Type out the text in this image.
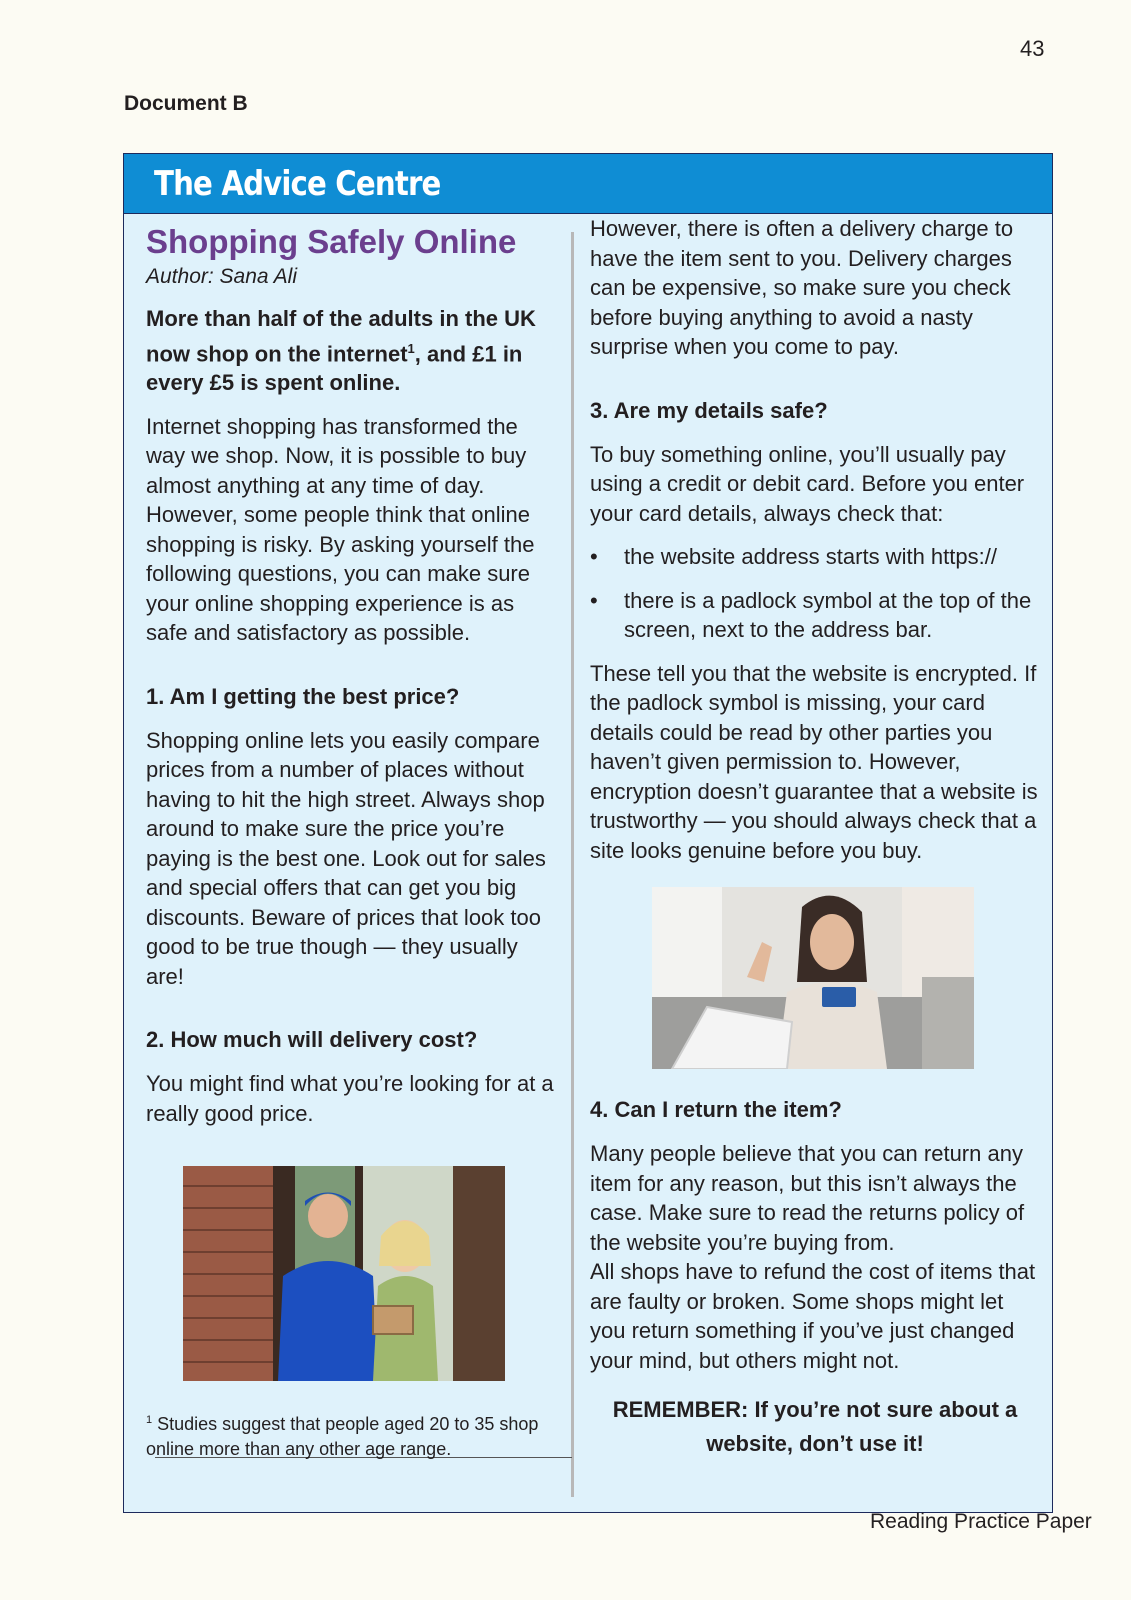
43
Document B
The Advice Centre
Shopping Safely Online
Author: Sana Ali

More than half of the adults in the UK now shop on the internet$^1$, and £1 in every £5 is spent online.

Internet shopping has transformed the way we shop. Now, it is possible to buy almost anything at any time of day. However, some people think that online shopping is risky. By asking yourself the following questions, you can make sure your online shopping experience is as safe and satisfactory as possible.

1. Am I getting the best price?

Shopping online lets you easily compare prices from a number of places without having to hit the high street. Always shop around to make sure the price you’re paying is the best one. Look out for sales and special offers that can get you big discounts. Beware of prices that look too good to be true though — they usually are!

2. How much will delivery cost?

You might find what you’re looking for at a really good price.

$^1$ Studies suggest that people aged 20 to 35 shop online more than any other age range.

However, there is often a delivery charge to have the item sent to you. Delivery charges can be expensive, so make sure you check before buying anything to avoid a nasty surprise when you come to pay.

3. Are my details safe?

To buy something online, you’ll usually pay using a credit or debit card. Before you enter your card details, always check that:

• the website address starts with https://
• there is a padlock symbol at the top of the screen, next to the address bar.

These tell you that the website is encrypted. If the padlock symbol is missing, your card details could be read by other parties you haven’t given permission to. However, encryption doesn’t guarantee that a website is trustworthy — you should always check that a site looks genuine before you buy.

4. Can I return the item?

Many people believe that you can return any item for any reason, but this isn’t always the case. Make sure to read the returns policy of the website you’re buying from.

All shops have to refund the cost of items that are faulty or broken. Some shops might let you return something if you’ve just changed your mind, but others might not.

REMEMBER: If you’re not sure about a website, don’t use it!
Reading Practice Paper
